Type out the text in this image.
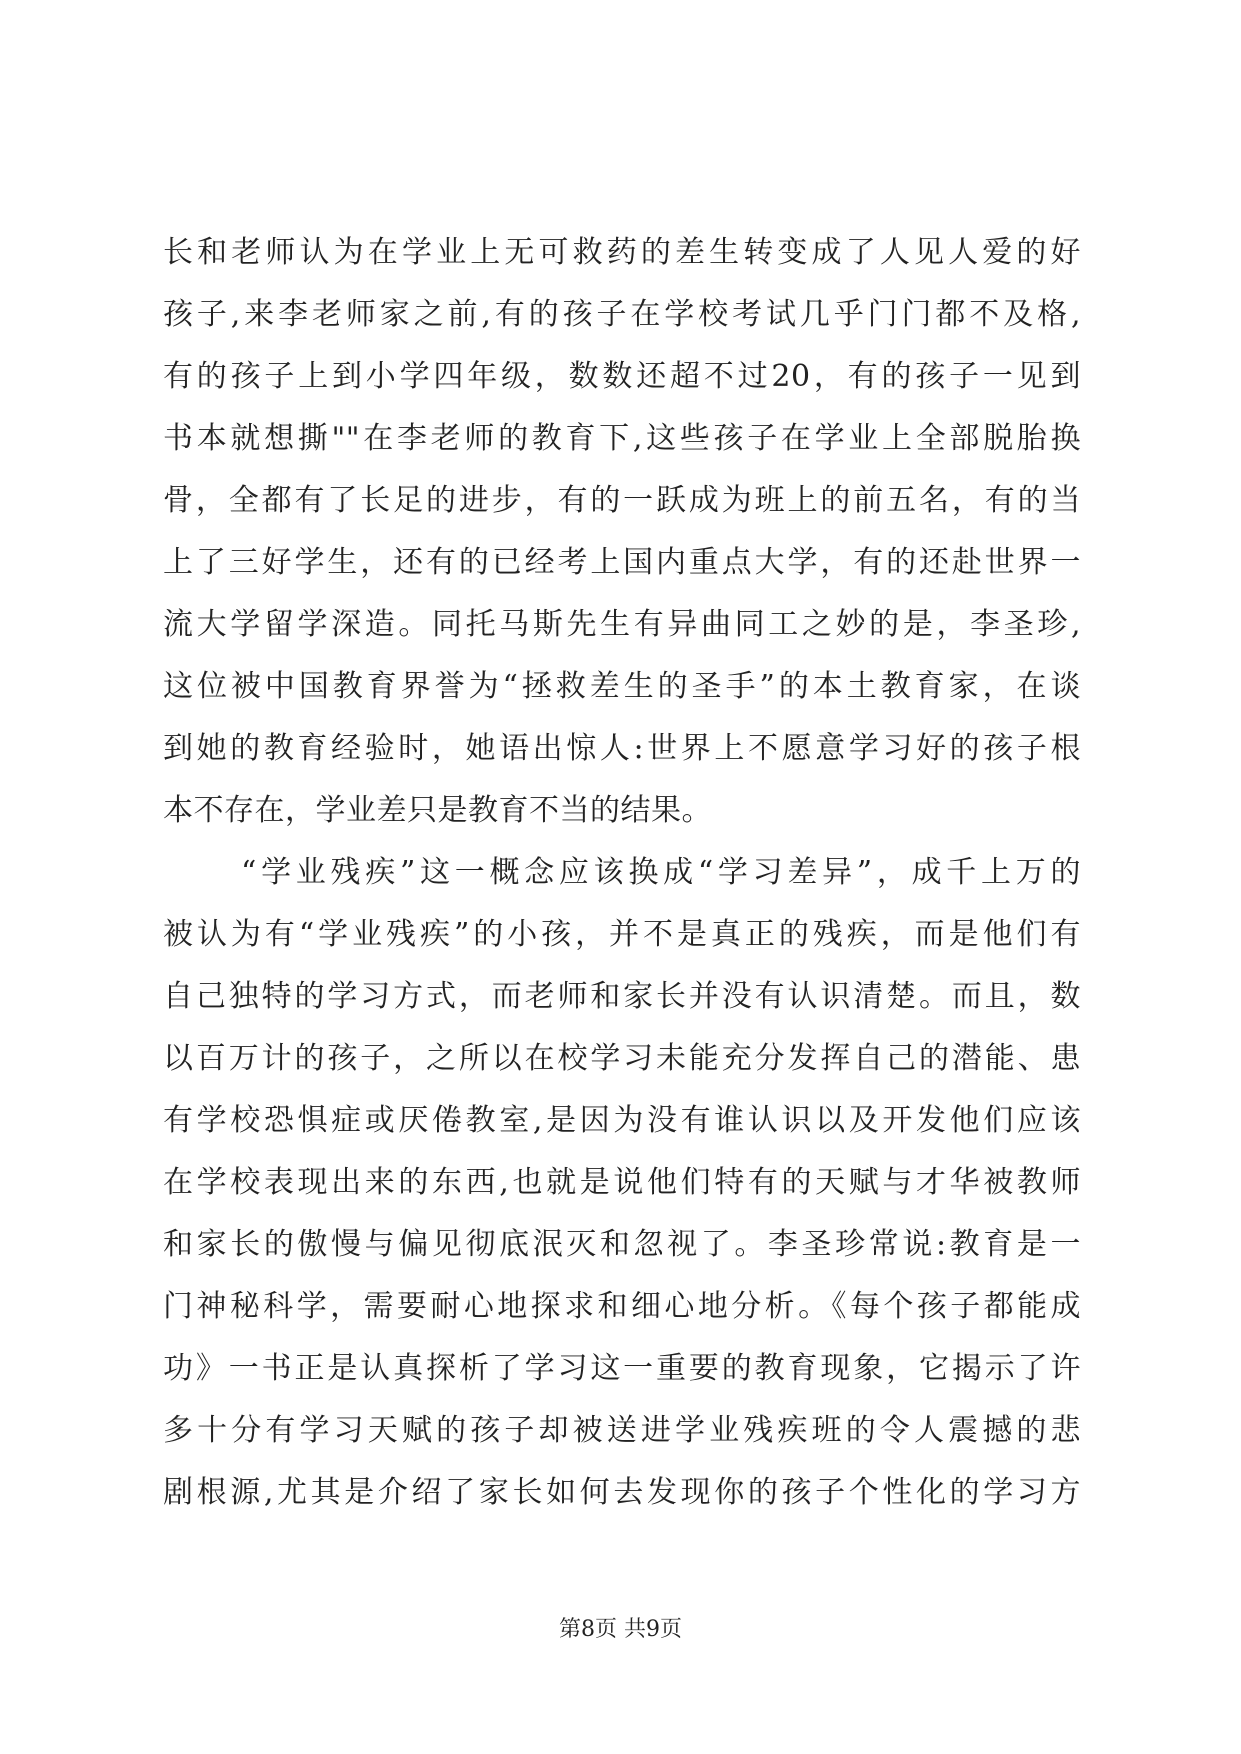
长和老师认为在学业上无可救药的差生转变成了人见人爱的好
孩子,来李老师家之前,有的孩子在学校考试几乎门门都不及格,
有的孩子上到小学四年级，数数还超不过20，有的孩子一见到
书本就想撕""在李老师的教育下,这些孩子在学业上全部脱胎换
骨，全都有了长足的进步，有的一跃成为班上的前五名，有的当
上了三好学生，还有的已经考上国内重点大学，有的还赴世界一
流大学留学深造。同托马斯先生有异曲同工之妙的是，李圣珍,
这位被中国教育界誉为“拯救差生的圣手”的本土教育家，在谈
到她的教育经验时，她语出惊人:世界上不愿意学习好的孩子根
本不存在，学业差只是教育不当的结果。
“学业残疾”这一概念应该换成“学习差异”，成千上万的
被认为有“学业残疾”的小孩，并不是真正的残疾，而是他们有
自己独特的学习方式，而老师和家长并没有认识清楚。而且，数
以百万计的孩子，之所以在校学习未能充分发挥自己的潜能、患
有学校恐惧症或厌倦教室,是因为没有谁认识以及开发他们应该
在学校表现出来的东西,也就是说他们特有的天赋与才华被教师
和家长的傲慢与偏见彻底泯灭和忽视了。李圣珍常说:教育是一
门神秘科学，需要耐心地探求和细心地分析。《每个孩子都能成
功》一书正是认真探析了学习这一重要的教育现象，它揭示了许
多十分有学习天赋的孩子却被送进学业残疾班的令人震撼的悲
剧根源,尤其是介绍了家长如何去发现你的孩子个性化的学习方
第8页 共9页
